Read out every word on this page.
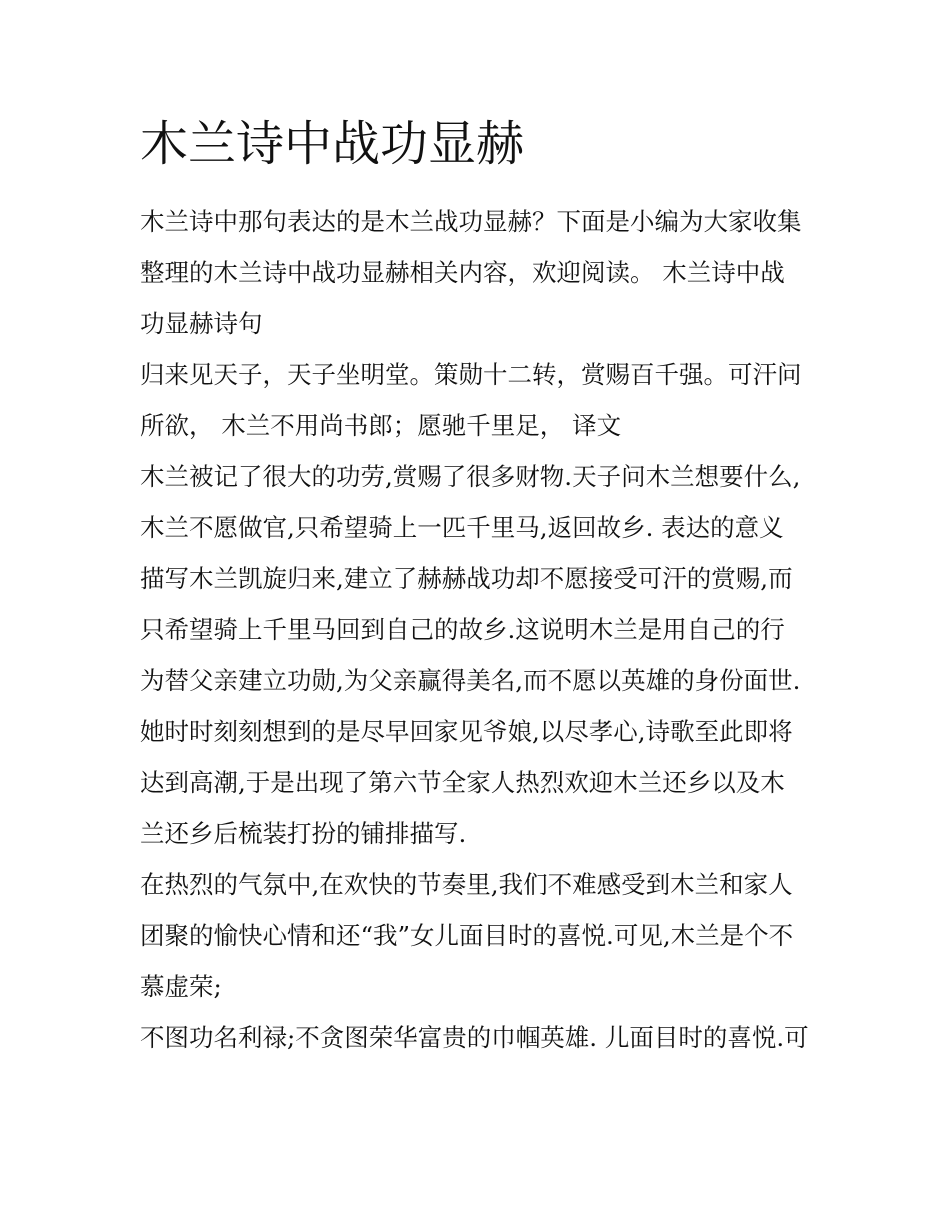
木兰诗中战功显赫
木兰诗中那句表达的是木兰战功显赫？下面是小编为大家收集
整理的木兰诗中战功显赫相关内容，欢迎阅读。 木兰诗中战
功显赫诗句
归来见天子，天子坐明堂。策勋十二转，赏赐百千强。可汗问
所欲， 木兰不用尚书郎；愿驰千里足， 译文
木兰被记了很大的功劳,赏赐了很多财物.天子问木兰想要什么,
木兰不愿做官,只希望骑上一匹千里马,返回故乡. 表达的意义
描写木兰凯旋归来,建立了赫赫战功却不愿接受可汗的赏赐,而
只希望骑上千里马回到自己的故乡.这说明木兰是用自己的行
为替父亲建立功勋,为父亲赢得美名,而不愿以英雄的身份面世.
她时时刻刻想到的是尽早回家见爷娘,以尽孝心,诗歌至此即将
达到高潮,于是出现了第六节全家人热烈欢迎木兰还乡以及木
兰还乡后梳装打扮的铺排描写.
在热烈的气氛中,在欢快的节奏里,我们不难感受到木兰和家人
团聚的愉快心情和还“我”女儿面目时的喜悦.可见,木兰是个不
慕虚荣;
不图功名利禄;不贪图荣华富贵的巾帼英雄. 儿面目时的喜悦.可
